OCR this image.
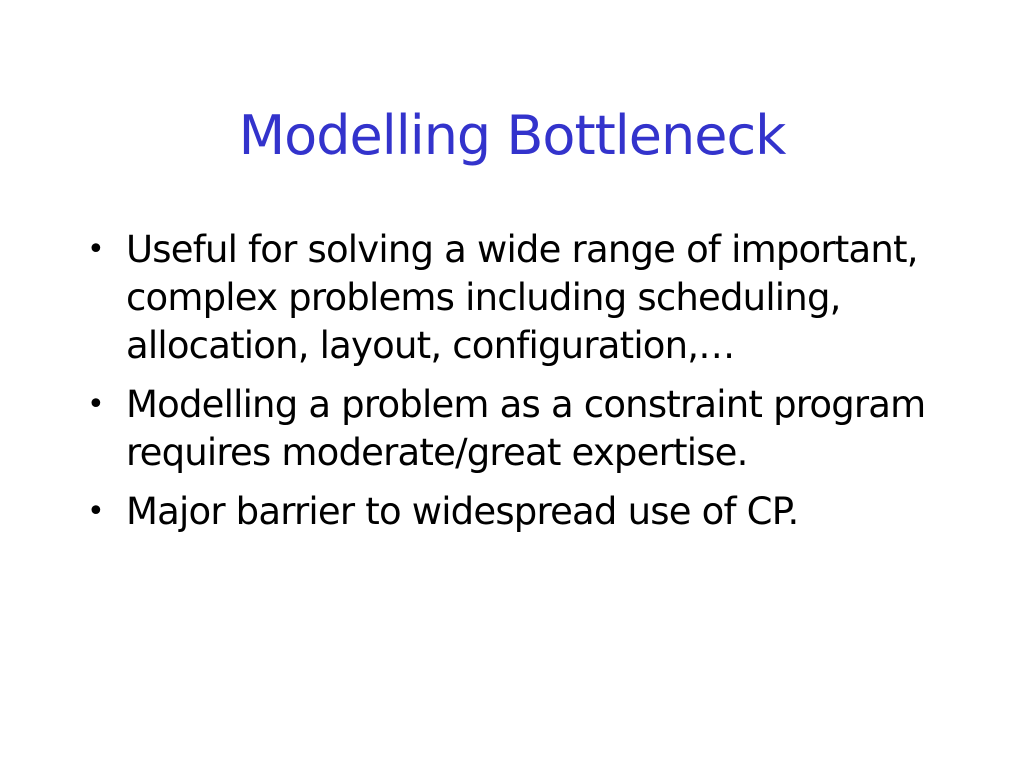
Modelling Bottleneck
• Useful for solving a wide range of important, complex problems including scheduling, allocation, layout, configuration,…
• Modelling a problem as a constraint program requires moderate/great expertise.
• Major barrier to widespread use of CP.
